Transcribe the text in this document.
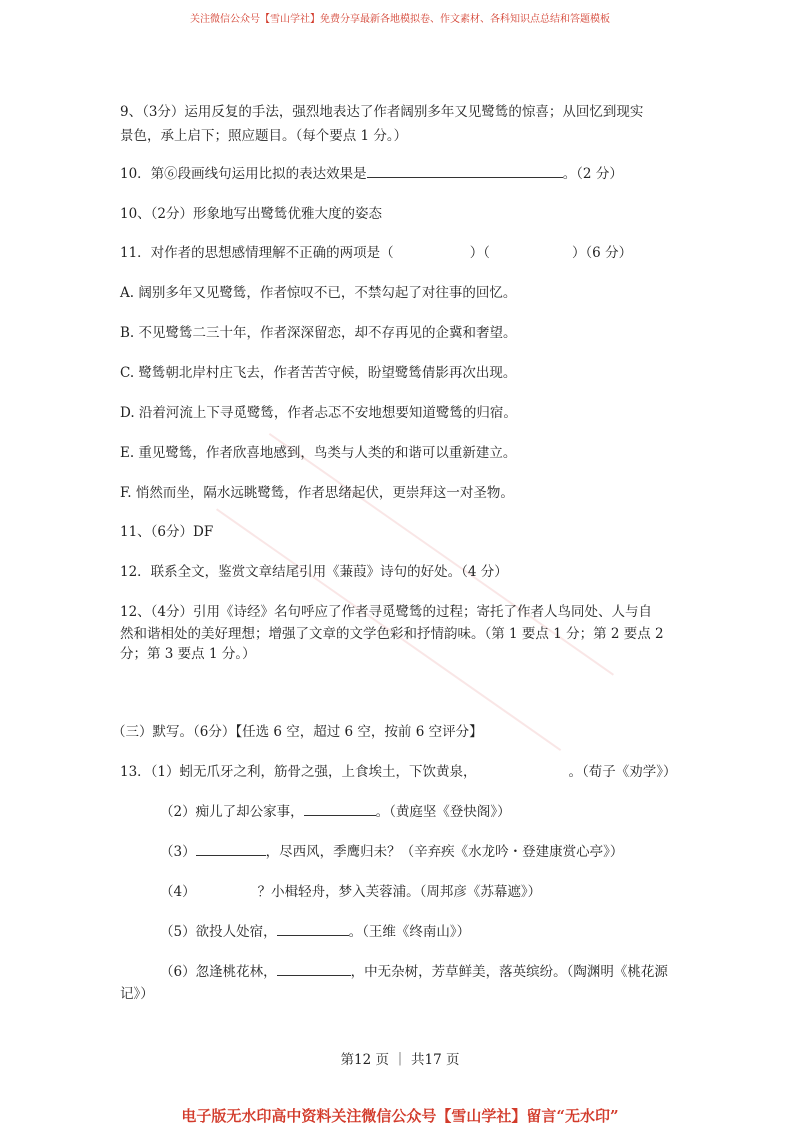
关注微信公众号【雪山学社】免费分享最新各地模拟卷、作文素材、各科知识点总结和答题模板
9、（3分）运用反复的手法，强烈地表达了作者阔别多年又见鹭鸶的惊喜；从回忆到现实
景色，承上启下；照应题目。（每个要点 1 分。）
10．第⑥段画线句运用比拟的表达效果是	。（2 分）
10、（2分）形象地写出鹭鸶优雅大度的姿态
11．对作者的思想感情理解不正确的两项是（	）（	）（6 分）
A. 阔别多年又见鹭鸶，作者惊叹不已，不禁勾起了对往事的回忆。
B. 不见鹭鸶二三十年，作者深深留恋，却不存再见的企冀和奢望。
C. 鹭鸶朝北岸村庄飞去，作者苦苦守候，盼望鹭鸶倩影再次出现。
D. 沿着河流上下寻觅鹭鸶，作者忐忑不安地想要知道鹭鸶的归宿。
E. 重见鹭鸶，作者欣喜地感到，鸟类与人类的和谐可以重新建立。
F. 悄然而坐，隔水远眺鹭鸶，作者思绪起伏，更崇拜这一对圣物。
11、（6分）DF
12．联系全文，鉴赏文章结尾引用《蒹葭》诗句的好处。（4 分）
12、（4分）引用《诗经》名句呼应了作者寻觅鹭鸶的过程；寄托了作者人鸟同处、人与自
然和谐相处的美好理想；增强了文章的文学色彩和抒情韵味。（第 1 要点 1 分；第 2 要点 2
分；第 3 要点 1 分。）
（三）默写。（6分）【任选 6 空，超过 6 空，按前 6 空评分】
13．（1）蚓无爪牙之利，筋骨之强，上食埃土，下饮黄泉，	。（荀子《劝学》）
（2）痴儿了却公家事，	。（黄庭坚《登快阁》）
（3）	，尽西风，季鹰归未？（辛弃疾《水龙吟・登建康赏心亭》）
（4）	？小楫轻舟，梦入芙蓉浦。（周邦彦《苏幕遮》）
（5）欲投人处宿，	。（王维《终南山》）
（6）忽逢桃花林，	，中无杂树，芳草鲜美，落英缤纷。（陶渊明《桃花源
记》）
第12 页 ｜ 共17 页
电子版无水印高中资料关注微信公众号【雪山学社】留言“无水印”
